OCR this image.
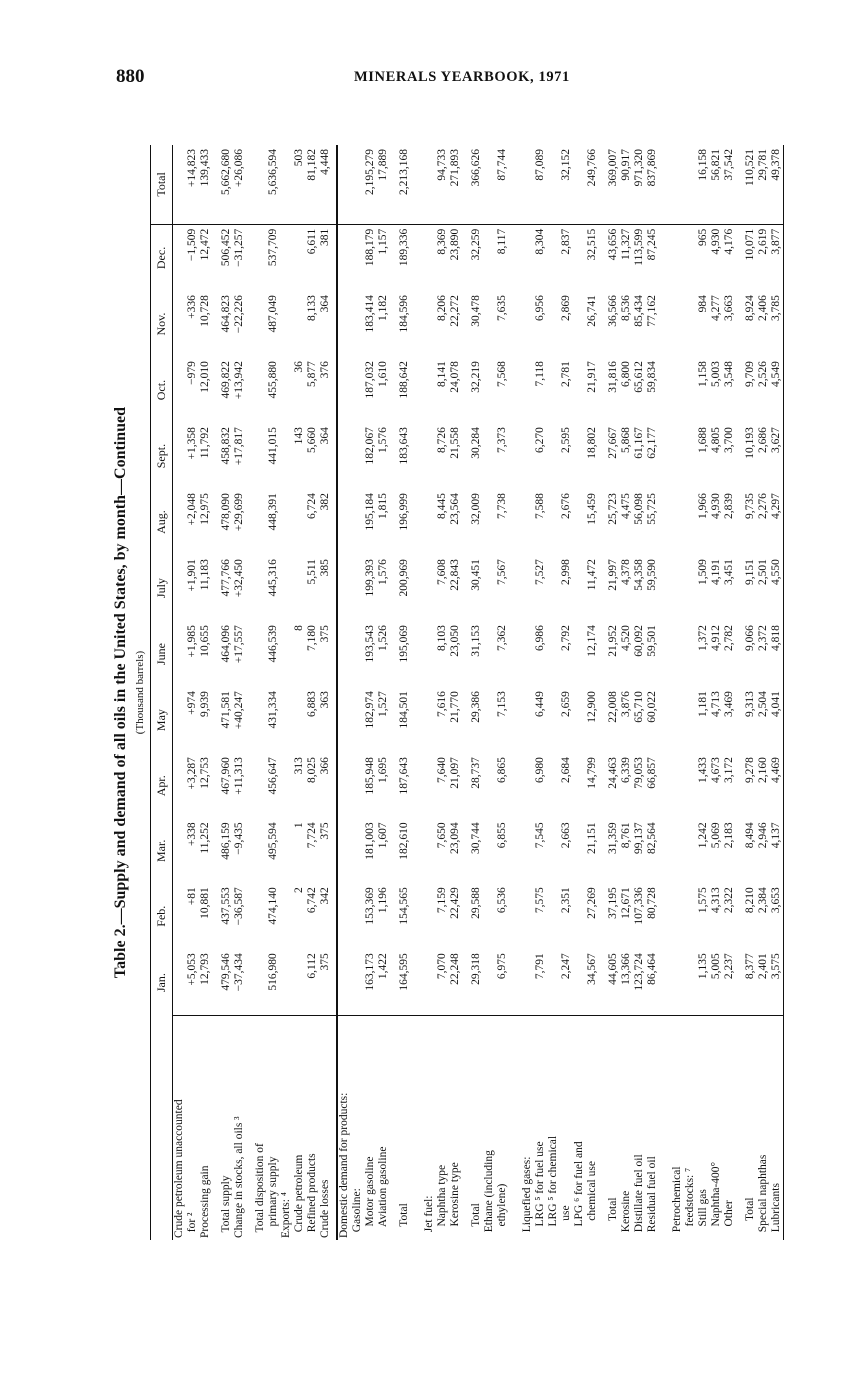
880	MINERALS YEARBOOK, 1971
Table 2.—Supply and demand of all oils in the United States, by month—Continued (Thousand barrels)
	Jan.	Feb.	Mar.	Apr.	May	June	July	Aug.	Sept.	Oct.	Nov.	Dec.	Total
Crude petroleum unaccounted
for ²	+5,053	+81	+338	+3,287	+974	+1,985	+1,901	+2,048	+1,358	−979	+336	−1,509	+14,823
Processing gain	12,793	10,881	11,252	12,753	9,939	10,655	11,183	12,975	11,792	12,010	10,728	12,472	139,433

Total supply	479,546	437,553	486,159	467,960	471,581	464,096	477,766	478,090	458,832	469,822	464,823	506,452	5,662,680
Change in stocks, all oils ³	−37,434	−36,587	−9,435	+11,313	+40,247	+17,557	+32,450	+29,699	+17,817	+13,942	−22,226	−31,257	+26,086

Total disposition of
primary supply	516,980	474,140	495,594	456,647	431,334	446,539	445,316	448,391	441,015	455,880	487,049	537,709	5,636,594
Exports: ⁴													
Crude petroleum		2	1	313		8			143	36			503
Refined products	6,112	6,742	7,724	8,025	6,883	7,180	5,511	6,724	5,660	5,877	8,133	6,611	81,182
Crude losses	375	342	375	366	363	375	385	382	364	376	364	381	4,448

Domestic demand for products:													
Gasoline:													
Motor gasoline	163,173	153,369	181,003	185,948	182,974	193,543	199,393	195,184	182,067	187,032	183,414	188,179	2,195,279
Aviation gasoline	1,422	1,196	1,607	1,695	1,527	1,526	1,576	1,815	1,576	1,610	1,182	1,157	17,889

Total	164,595	154,565	182,610	187,643	184,501	195,069	200,969	196,999	183,643	188,642	184,596	189,336	2,213,168

Jet fuel:													
Naphtha type	7,070	7,159	7,650	7,640	7,616	8,103	7,608	8,445	8,726	8,141	8,206	8,369	94,733
Kerosine type	22,248	22,429	23,094	21,097	21,770	23,050	22,843	23,564	21,558	24,078	22,272	23,890	271,893

Total	29,318	29,588	30,744	28,737	29,386	31,153	30,451	32,009	30,284	32,219	30,478	32,259	366,626
Ethane (including
ethylene)	6,975	6,536	6,855	6,865	7,153	7,362	7,567	7,738	7,373	7,568	7,635	8,117	87,744

Liquefied gases:													
LRG ⁵ for fuel use	7,791	7,575	7,545	6,980	6,449	6,986	7,527	7,588	6,270	7,118	6,956	8,304	87,089
LRG ⁵ for chemical
use	2,247	2,351	2,663	2,684	2,659	2,792	2,998	2,676	2,595	2,781	2,869	2,837	32,152
LPG ⁶ for fuel and
chemical use	34,567	27,269	21,151	14,799	12,900	12,174	11,472	15,459	18,802	21,917	26,741	32,515	249,766

Total	44,605	37,195	31,359	24,463	22,008	21,952	21,997	25,723	27,667	31,816	36,566	43,656	369,007
Kerosine	13,366	12,671	8,761	6,339	3,876	4,520	4,378	4,475	5,868	6,800	8,536	11,327	90,917
Distillate fuel oil	123,724	107,336	99,137	79,053	65,710	60,092	54,358	56,098	61,167	65,612	85,434	113,599	971,320
Residual fuel oil	86,464	80,728	82,564	66,857	60,022	59,501	59,590	55,725	62,177	59,834	77,162	87,245	837,869

Petrochemical
feedstocks: ⁷													
Still gas	1,135	1,575	1,242	1,433	1,181	1,372	1,509	1,966	1,688	1,158	984	965	16,158
Naphtha-400°	5,005	4,313	5,069	4,673	4,713	4,912	4,191	4,930	4,805	5,003	4,277	4,930	56,821
Other	2,237	2,322	2,183	3,172	3,469	2,782	3,451	2,839	3,700	3,548	3,663	4,176	37,542

Total	8,377	8,210	8,494	9,278	9,313	9,066	9,151	9,735	10,193	9,709	8,924	10,071	110,521
Special naphthas	2,401	2,384	2,946	2,160	2,504	2,372	2,501	2,276	2,686	2,526	2,406	2,619	29,781
Lubricants	3,575	3,653	4,137	4,469	4,041	4,818	4,550	4,297	3,627	4,549	3,785	3,877	49,378
